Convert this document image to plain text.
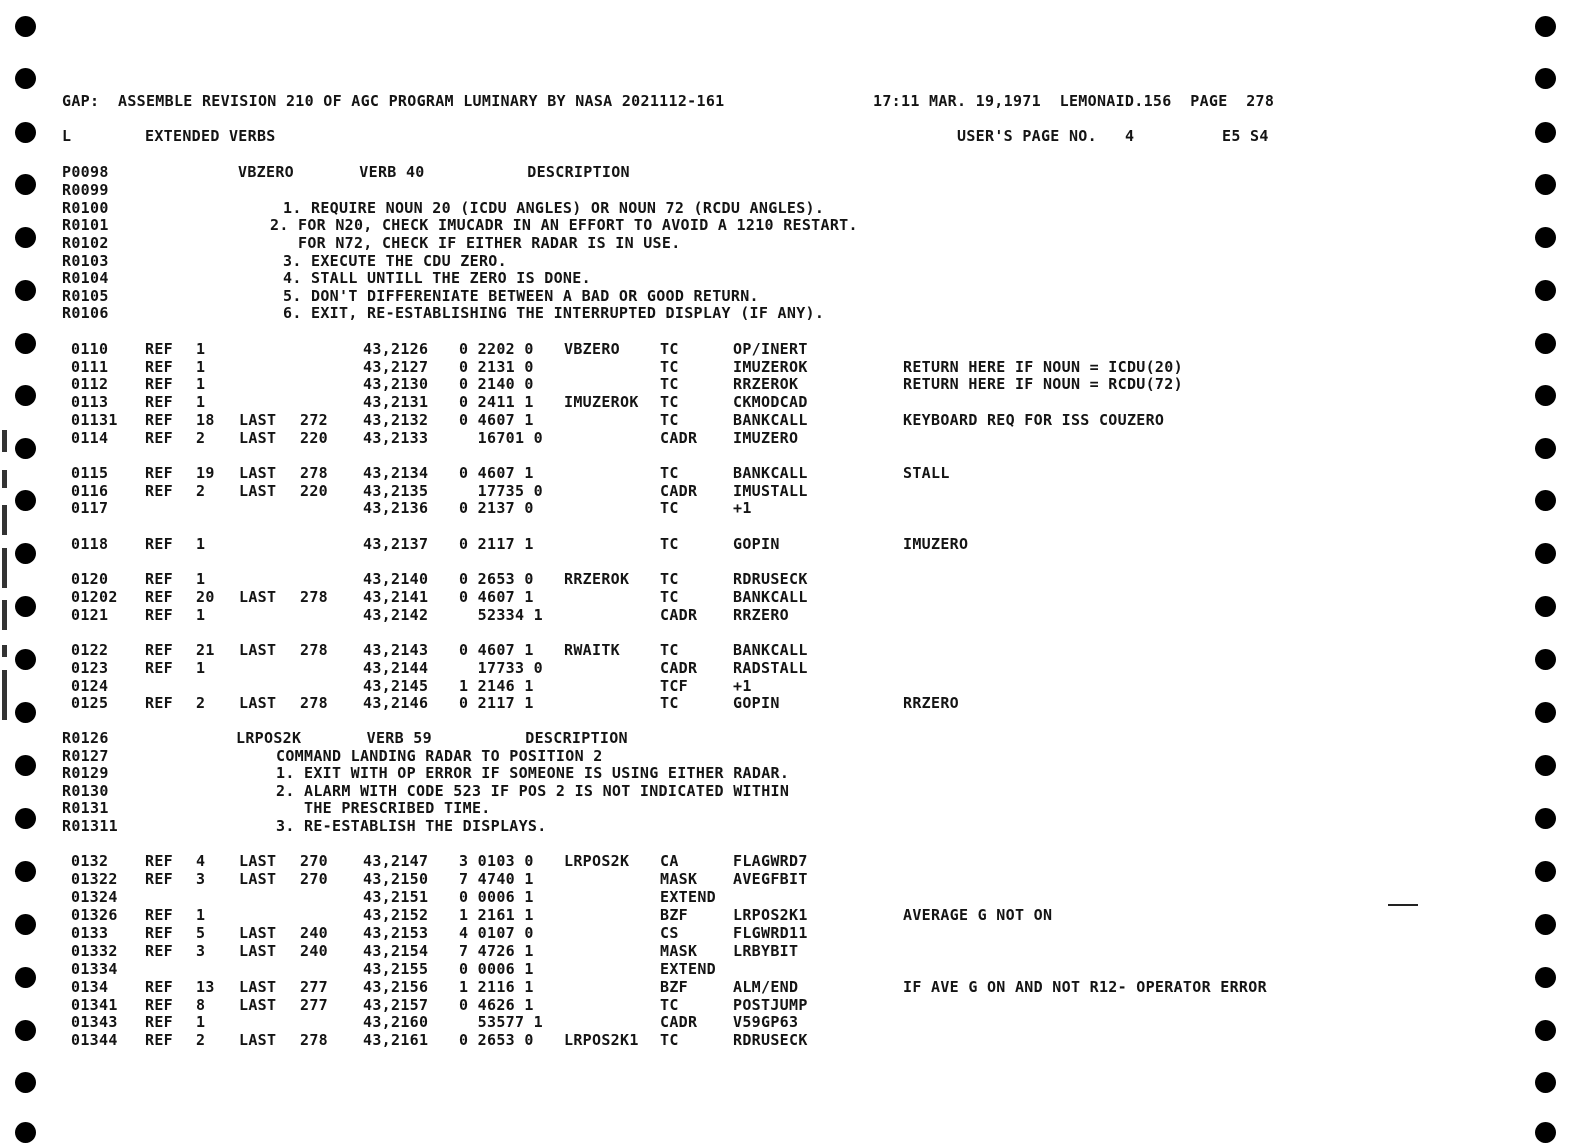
GAP:  ASSEMBLE REVISION 210 OF AGC PROGRAM LUMINARY BY NASA 2021112-161	17:11 MAR. 19,1971  LEMONAID.156  PAGE  278
L	EXTENDED VERBS	USER'S PAGE NO.   4	E5 S4
P0098	VBZERO       VERB 40           DESCRIPTION
R0099
R0100	1. REQUIRE NOUN 20 (ICDU ANGLES) OR NOUN 72 (RCDU ANGLES).
R0101	2. FOR N20, CHECK IMUCADR IN AN EFFORT TO AVOID A 1210 RESTART.
R0102	FOR N72, CHECK IF EITHER RADAR IS IN USE.
R0103	3. EXECUTE THE CDU ZERO.
R0104	4. STALL UNTILL THE ZERO IS DONE.
R0105	5. DON'T DIFFERENIATE BETWEEN A BAD OR GOOD RETURN.
R0106	6. EXIT, RE-ESTABLISHING THE INTERRUPTED DISPLAY (IF ANY).
0110 REF 1	43,2126 0 2202 0 VBZERO	TC	OP/INERT
0111 REF 1	43,2127 0 2131 0	TC	IMUZEROK	RETURN HERE IF NOUN = ICDU(20)
0112 REF 1	43,2130 0 2140 0	TC	RRZEROK	RETURN HERE IF NOUN = RCDU(72)
0113 REF 1	43,2131 0 2411 1 IMUZEROK TC	CKMODCAD
01131 REF 18 LAST 272 43,2132 0 4607 1	TC	BANKCALL	KEYBOARD REQ FOR ISS COUZERO
0114 REF 2 LAST 220 43,2133 16701 0	CADR IMUZERO
0115 REF 19 LAST 278 43,2134 0 4607 1	TC	BANKCALL	STALL
0116 REF 2 LAST 220 43,2135 17735 0	CADR IMUSTALL
0117	43,2136 0 2137 0	TC	+1
0118 REF 1	43,2137 0 2117 1	TC	GOPIN	IMUZERO
0120 REF 1	43,2140 0 2653 0 RRZEROK TC	RDRUSECK
01202 REF 20 LAST 278 43,2141 0 4607 1	TC	BANKCALL
0121 REF 1	43,2142 52334 1	CADR RRZERO
0122 REF 21 LAST 278 43,2143 0 4607 1 RWAITK	TC	BANKCALL
0123 REF 1	43,2144 17733 0	CADR RADSTALL
0124	43,2145 1 2146 1	TCF	+1
0125 REF 2 LAST 278 43,2146 0 2117 1	TC	GOPIN	RRZERO
R0126	LRPOS2K       VERB 59          DESCRIPTION
R0127	COMMAND LANDING RADAR TO POSITION 2
R0129	1. EXIT WITH OP ERROR IF SOMEONE IS USING EITHER RADAR.
R0130	2. ALARM WITH CODE 523 IF POS 2 IS NOT INDICATED WITHIN
R0131	THE PRESCRIBED TIME.
R01311	3. RE-ESTABLISH THE DISPLAYS.
0132 REF 4 LAST 270 43,2147 3 0103 0 LRPOS2K CA	FLAGWRD7
01322 REF 3 LAST 270 43,2150 7 4740 1	MASK AVEGFBIT
01324	43,2151 0 0006 1	EXTEND
01326 REF 1	43,2152 1 2161 1	BZF	LRPOS2K1	AVERAGE G NOT ON
0133 REF 5 LAST 240 43,2153 4 0107 0	CS	FLGWRD11
01332 REF 3 LAST 240 43,2154 7 4726 1	MASK LRBYBIT
01334	43,2155 0 0006 1	EXTEND
0134 REF 13 LAST 277 43,2156 1 2116 1	BZF	ALM/END	IF AVE G ON AND NOT R12- OPERATOR ERROR
01341 REF 8 LAST 277 43,2157 0 4626 1	TC	POSTJUMP
01343 REF 1	43,2160 53577 1	CADR V59GP63
01344 REF 2 LAST 278 43,2161 0 2653 0 LRPOS2K1 TC	RDRUSECK
